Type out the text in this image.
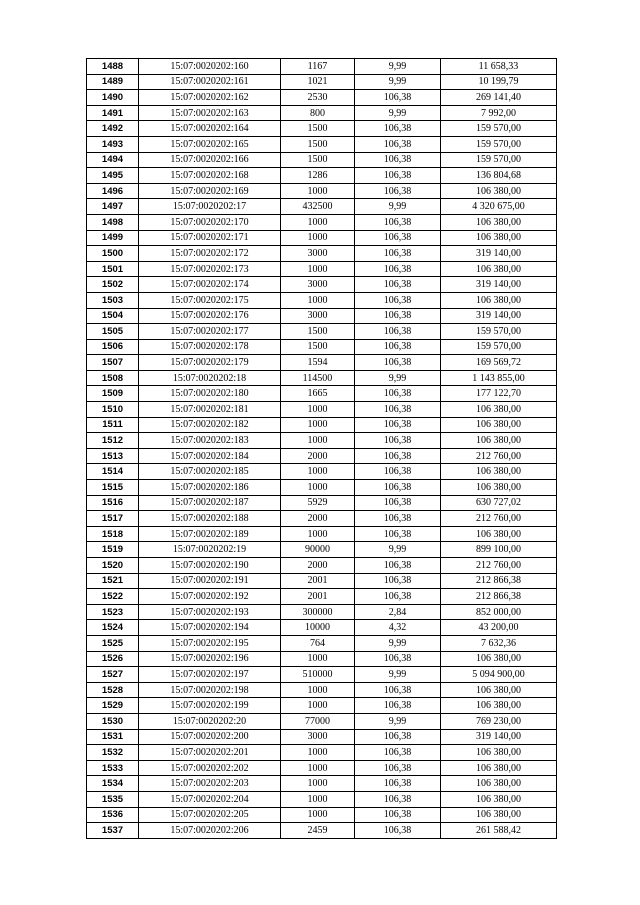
1488	15:07:0020202:160	1167	9,99	11 658,33
1489	15:07:0020202:161	1021	9,99	10 199,79
1490	15:07:0020202:162	2530	106,38	269 141,40
1491	15:07:0020202:163	800	9,99	7 992,00
1492	15:07:0020202:164	1500	106,38	159 570,00
1493	15:07:0020202:165	1500	106,38	159 570,00
1494	15:07:0020202:166	1500	106,38	159 570,00
1495	15:07:0020202:168	1286	106,38	136 804,68
1496	15:07:0020202:169	1000	106,38	106 380,00
1497	15:07:0020202:17	432500	9,99	4 320 675,00
1498	15:07:0020202:170	1000	106,38	106 380,00
1499	15:07:0020202:171	1000	106,38	106 380,00
1500	15:07:0020202:172	3000	106,38	319 140,00
1501	15:07:0020202:173	1000	106,38	106 380,00
1502	15:07:0020202:174	3000	106,38	319 140,00
1503	15:07:0020202:175	1000	106,38	106 380,00
1504	15:07:0020202:176	3000	106,38	319 140,00
1505	15:07:0020202:177	1500	106,38	159 570,00
1506	15:07:0020202:178	1500	106,38	159 570,00
1507	15:07:0020202:179	1594	106,38	169 569,72
1508	15:07:0020202:18	114500	9,99	1 143 855,00
1509	15:07:0020202:180	1665	106,38	177 122,70
1510	15:07:0020202:181	1000	106,38	106 380,00
1511	15:07:0020202:182	1000	106,38	106 380,00
1512	15:07:0020202:183	1000	106,38	106 380,00
1513	15:07:0020202:184	2000	106,38	212 760,00
1514	15:07:0020202:185	1000	106,38	106 380,00
1515	15:07:0020202:186	1000	106,38	106 380,00
1516	15:07:0020202:187	5929	106,38	630 727,02
1517	15:07:0020202:188	2000	106,38	212 760,00
1518	15:07:0020202:189	1000	106,38	106 380,00
1519	15:07:0020202:19	90000	9,99	899 100,00
1520	15:07:0020202:190	2000	106,38	212 760,00
1521	15:07:0020202:191	2001	106,38	212 866,38
1522	15:07:0020202:192	2001	106,38	212 866,38
1523	15:07:0020202:193	300000	2,84	852 000,00
1524	15:07:0020202:194	10000	4,32	43 200,00
1525	15:07:0020202:195	764	9,99	7 632,36
1526	15:07:0020202:196	1000	106,38	106 380,00
1527	15:07:0020202:197	510000	9,99	5 094 900,00
1528	15:07:0020202:198	1000	106,38	106 380,00
1529	15:07:0020202:199	1000	106,38	106 380,00
1530	15:07:0020202:20	77000	9,99	769 230,00
1531	15:07:0020202:200	3000	106,38	319 140,00
1532	15:07:0020202:201	1000	106,38	106 380,00
1533	15:07:0020202:202	1000	106,38	106 380,00
1534	15:07:0020202:203	1000	106,38	106 380,00
1535	15:07:0020202:204	1000	106,38	106 380,00
1536	15:07:0020202:205	1000	106,38	106 380,00
1537	15:07:0020202:206	2459	106,38	261 588,42
